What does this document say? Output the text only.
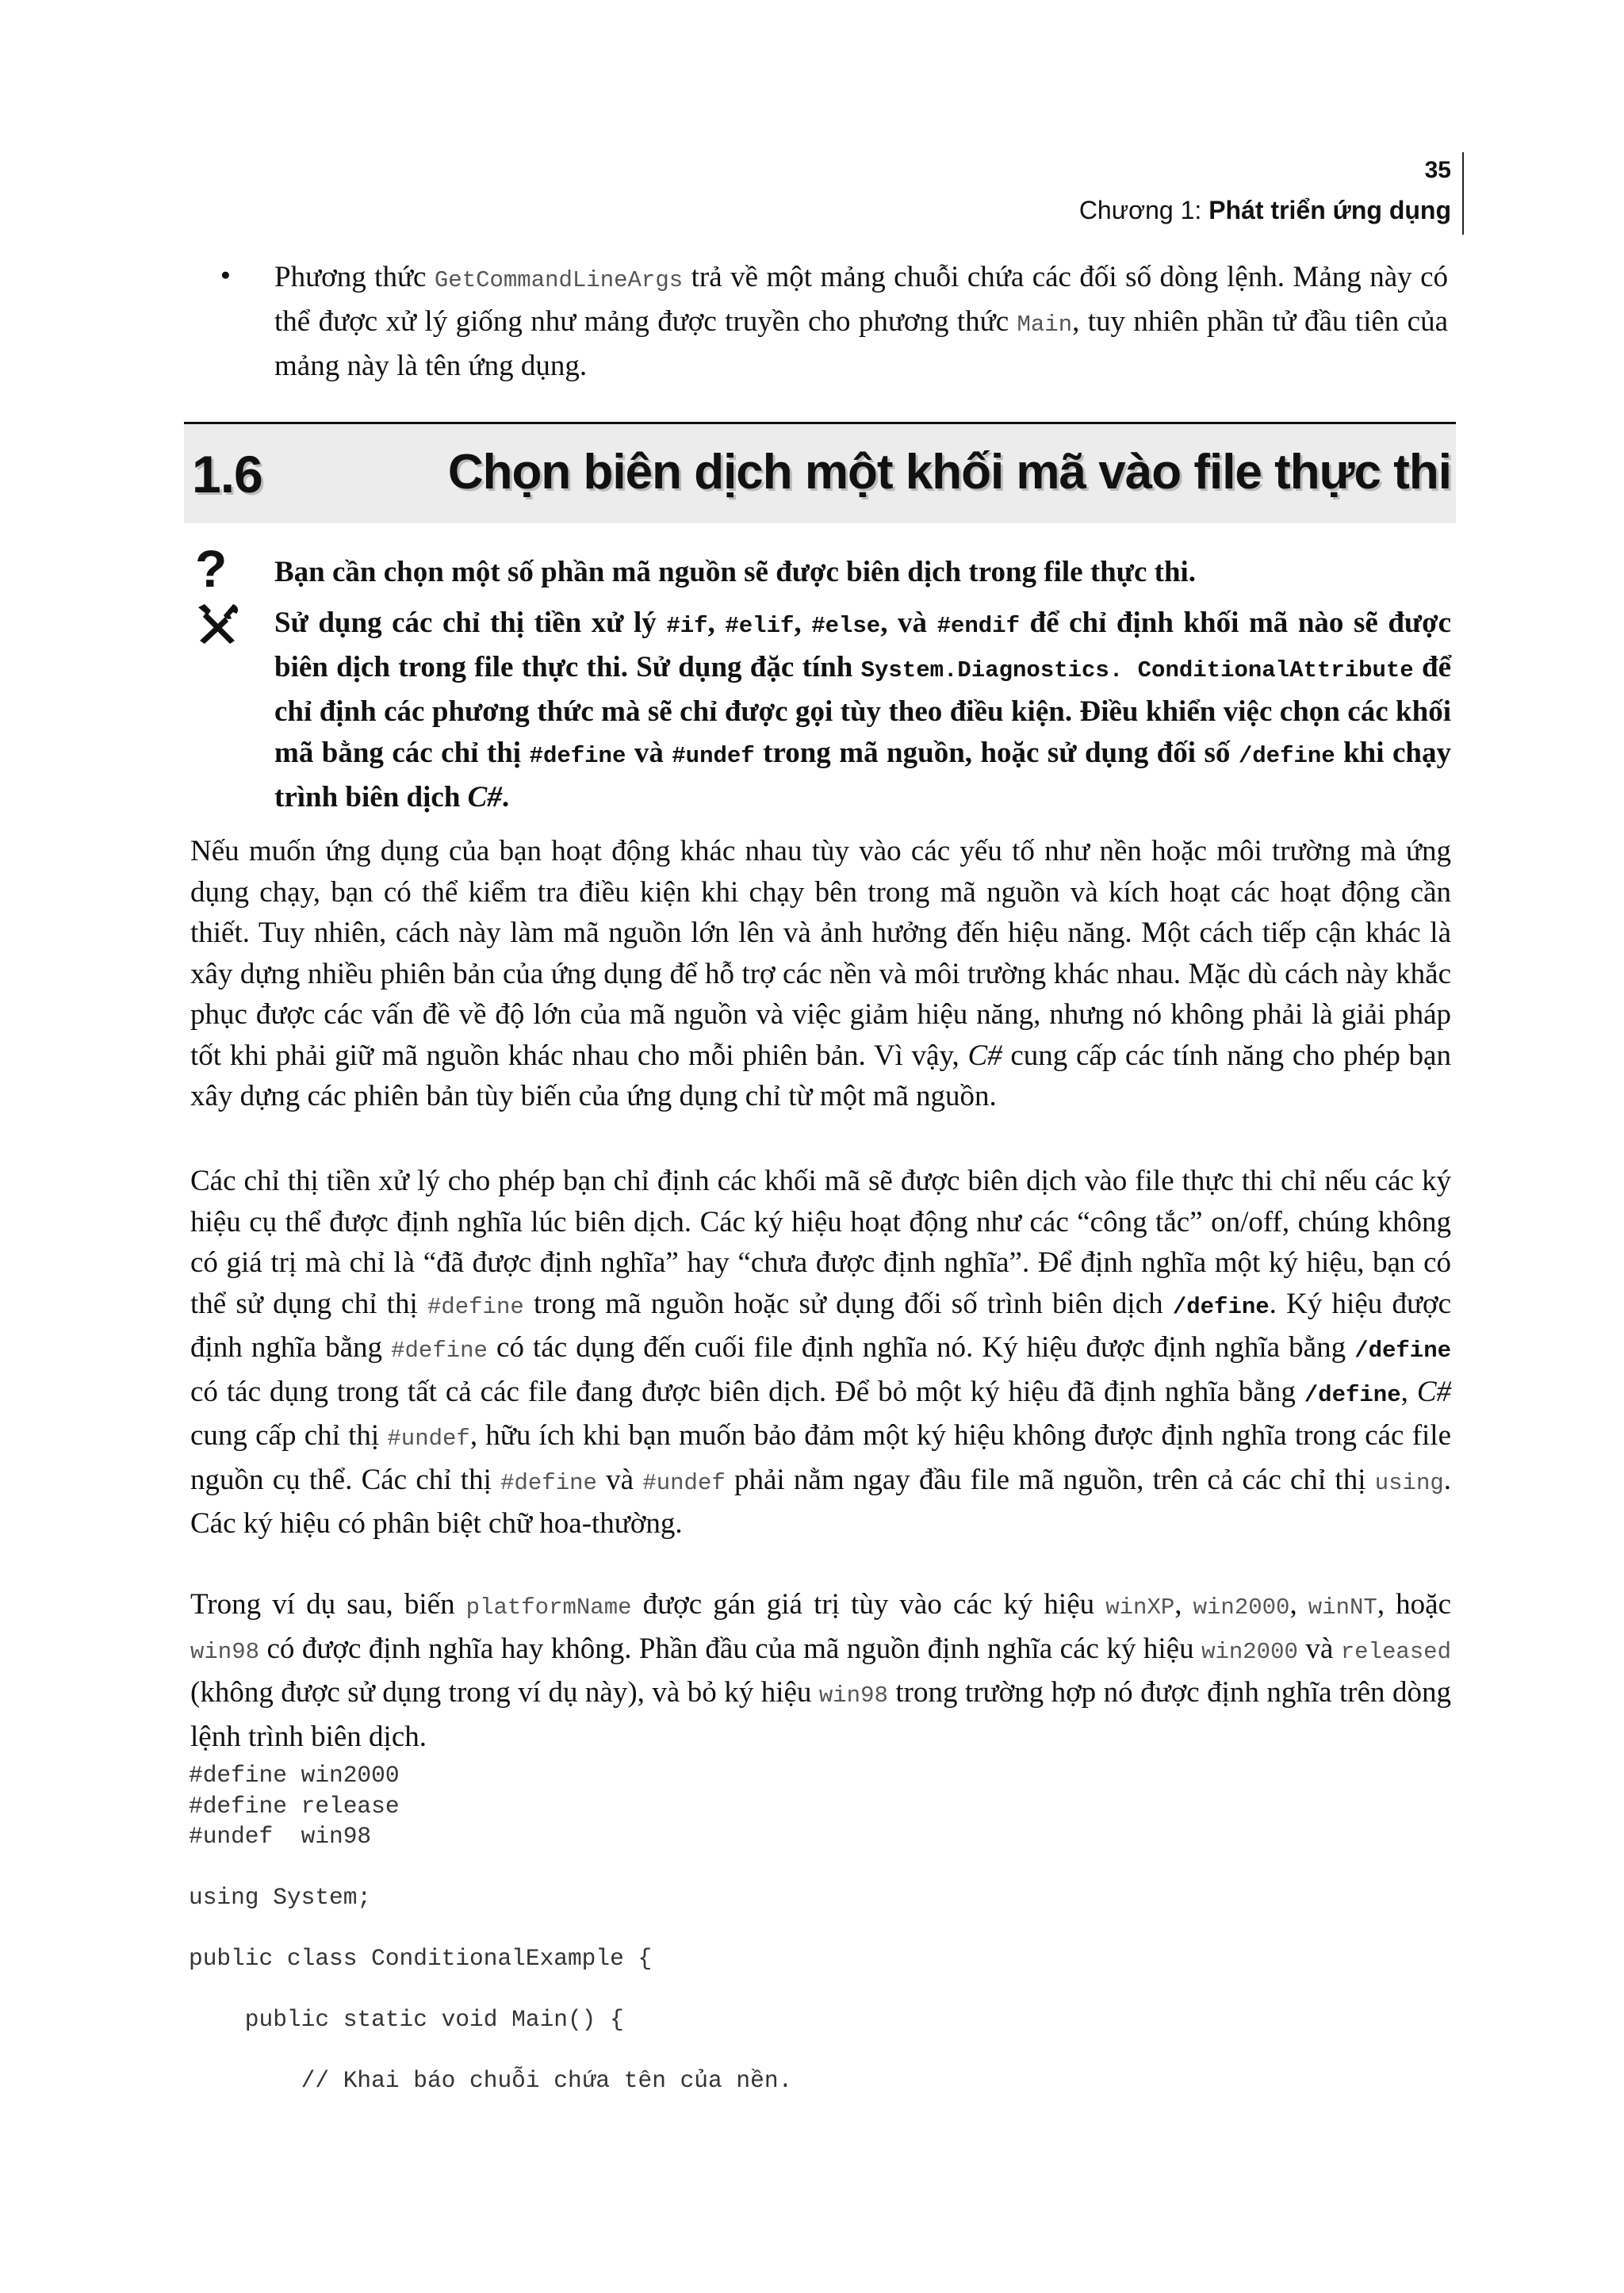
35
Chương 1: Phát triển ứng dụng
● Phương thức GetCommandLineArgs trả về một mảng chuỗi chứa các đối số dòng lệnh. Mảng này có thể được xử lý giống như mảng được truyền cho phương thức Main, tuy nhiên phần tử đầu tiên của mảng này là tên ứng dụng.
1.6	Chọn biên dịch một khối mã vào file thực thi
? Bạn cần chọn một số phần mã nguồn sẽ được biên dịch trong file thực thi.
Sử dụng các chỉ thị tiền xử lý #if, #elif, #else, và #endif để chỉ định khối mã nào sẽ được biên dịch trong file thực thi. Sử dụng đặc tính System.Diagnostics. ConditionalAttribute để chỉ định các phương thức mà sẽ chỉ được gọi tùy theo điều kiện. Điều khiển việc chọn các khối mã bằng các chỉ thị #define và #undef trong mã nguồn, hoặc sử dụng đối số /define khi chạy trình biên dịch C#.
Nếu muốn ứng dụng của bạn hoạt động khác nhau tùy vào các yếu tố như nền hoặc môi trường mà ứng dụng chạy, bạn có thể kiểm tra điều kiện khi chạy bên trong mã nguồn và kích hoạt các hoạt động cần thiết. Tuy nhiên, cách này làm mã nguồn lớn lên và ảnh hưởng đến hiệu năng. Một cách tiếp cận khác là xây dựng nhiều phiên bản của ứng dụng để hỗ trợ các nền và môi trường khác nhau. Mặc dù cách này khắc phục được các vấn đề về độ lớn của mã nguồn và việc giảm hiệu năng, nhưng nó không phải là giải pháp tốt khi phải giữ mã nguồn khác nhau cho mỗi phiên bản. Vì vậy, C# cung cấp các tính năng cho phép bạn xây dựng các phiên bản tùy biến của ứng dụng chỉ từ một mã nguồn.
Các chỉ thị tiền xử lý cho phép bạn chỉ định các khối mã sẽ được biên dịch vào file thực thi chỉ nếu các ký hiệu cụ thể được định nghĩa lúc biên dịch. Các ký hiệu hoạt động như các “công tắc” on/off, chúng không có giá trị mà chỉ là “đã được định nghĩa” hay “chưa được định nghĩa”. Để định nghĩa một ký hiệu, bạn có thể sử dụng chỉ thị #define trong mã nguồn hoặc sử dụng đối số trình biên dịch /define. Ký hiệu được định nghĩa bằng #define có tác dụng đến cuối file định nghĩa nó. Ký hiệu được định nghĩa bằng /define có tác dụng trong tất cả các file đang được biên dịch. Để bỏ một ký hiệu đã định nghĩa bằng /define, C# cung cấp chỉ thị #undef, hữu ích khi bạn muốn bảo đảm một ký hiệu không được định nghĩa trong các file nguồn cụ thể. Các chỉ thị #define và #undef phải nằm ngay đầu file mã nguồn, trên cả các chỉ thị using. Các ký hiệu có phân biệt chữ hoa-thường.
Trong ví dụ sau, biến platformName được gán giá trị tùy vào các ký hiệu winXP, win2000, winNT, hoặc win98 có được định nghĩa hay không. Phần đầu của mã nguồn định nghĩa các ký hiệu win2000 và released (không được sử dụng trong ví dụ này), và bỏ ký hiệu win98 trong trường hợp nó được định nghĩa trên dòng lệnh trình biên dịch.
#define win2000
#define release
#undef  win98

using System;

public class ConditionalExample {

public static void Main() {

// Khai báo chuỗi chứa tên của nền.
